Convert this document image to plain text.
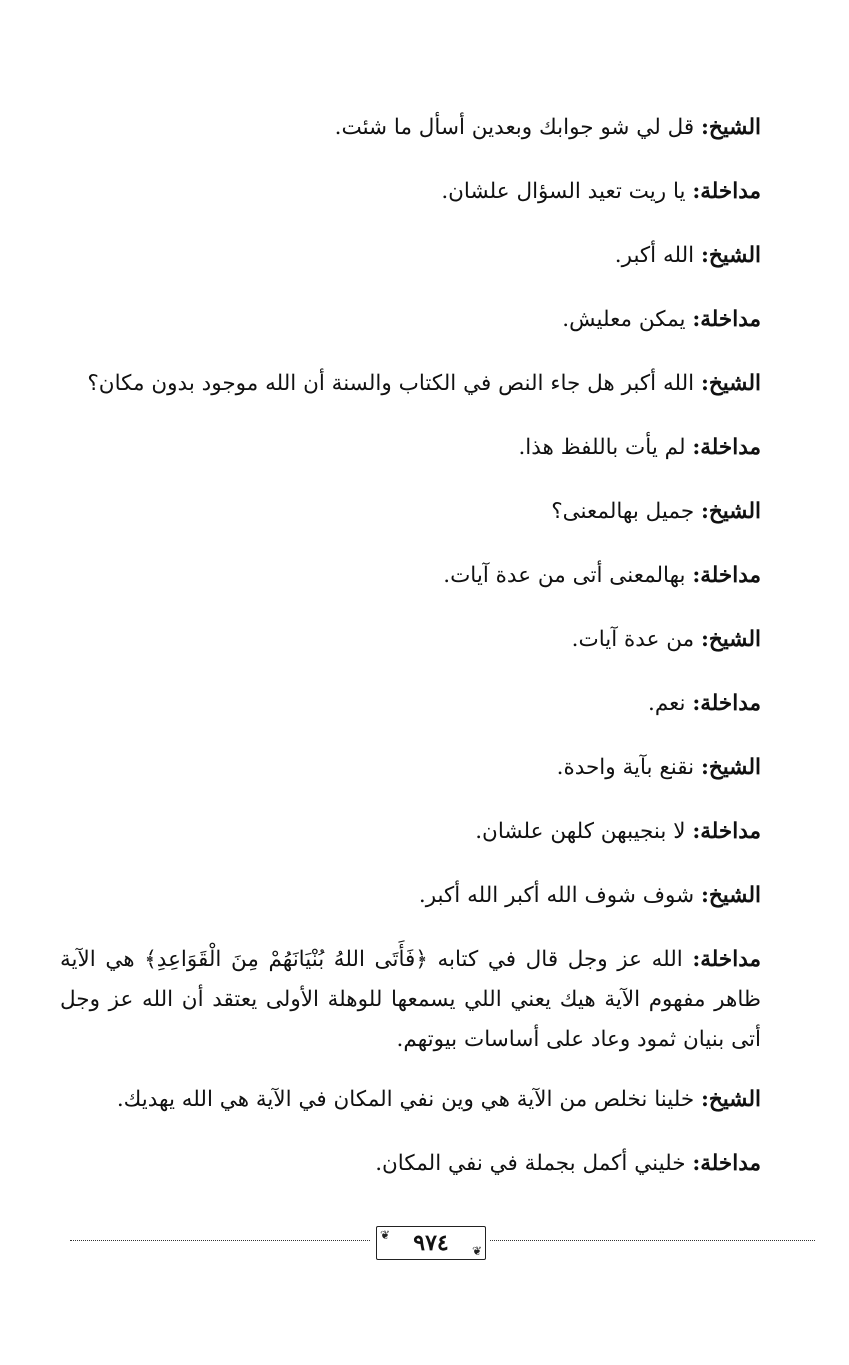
الشيخ: قل لي شو جوابك وبعدين أسأل ما شئت.

مداخلة: يا ريت تعيد السؤال علشان.

الشيخ: الله أكبر.

مداخلة: يمكن معليش.

الشيخ: الله أكبر هل جاء النص في الكتاب والسنة أن الله موجود بدون مكان؟

مداخلة: لم يأت باللفظ هذا.

الشيخ: جميل بهالمعنى؟

مداخلة: بهالمعنى أتى من عدة آيات.

الشيخ: من عدة آيات.

مداخلة: نعم.

الشيخ: نقنع بآية واحدة.

مداخلة: لا بنجيبهن كلهن علشان.

الشيخ: شوف شوف الله أكبر الله أكبر.

مداخلة: الله عز وجل قال في كتابه ﴿فَأَتَى اللهُ بُنْيَانَهُمْ مِنَ الْقَوَاعِدِ﴾ هي الآية ظاهر مفهوم الآية هيك يعني اللي يسمعها للوهلة الأولى يعتقد أن الله عز وجل أتى بنيان ثمود وعاد على أساسات بيوتهم.

الشيخ: خلينا نخلص من الآية هي وين نفي المكان في الآية هي الله يهديك.

مداخلة: خليني أكمل بجملة في نفي المكان.

❦	٩٧٤	❦
